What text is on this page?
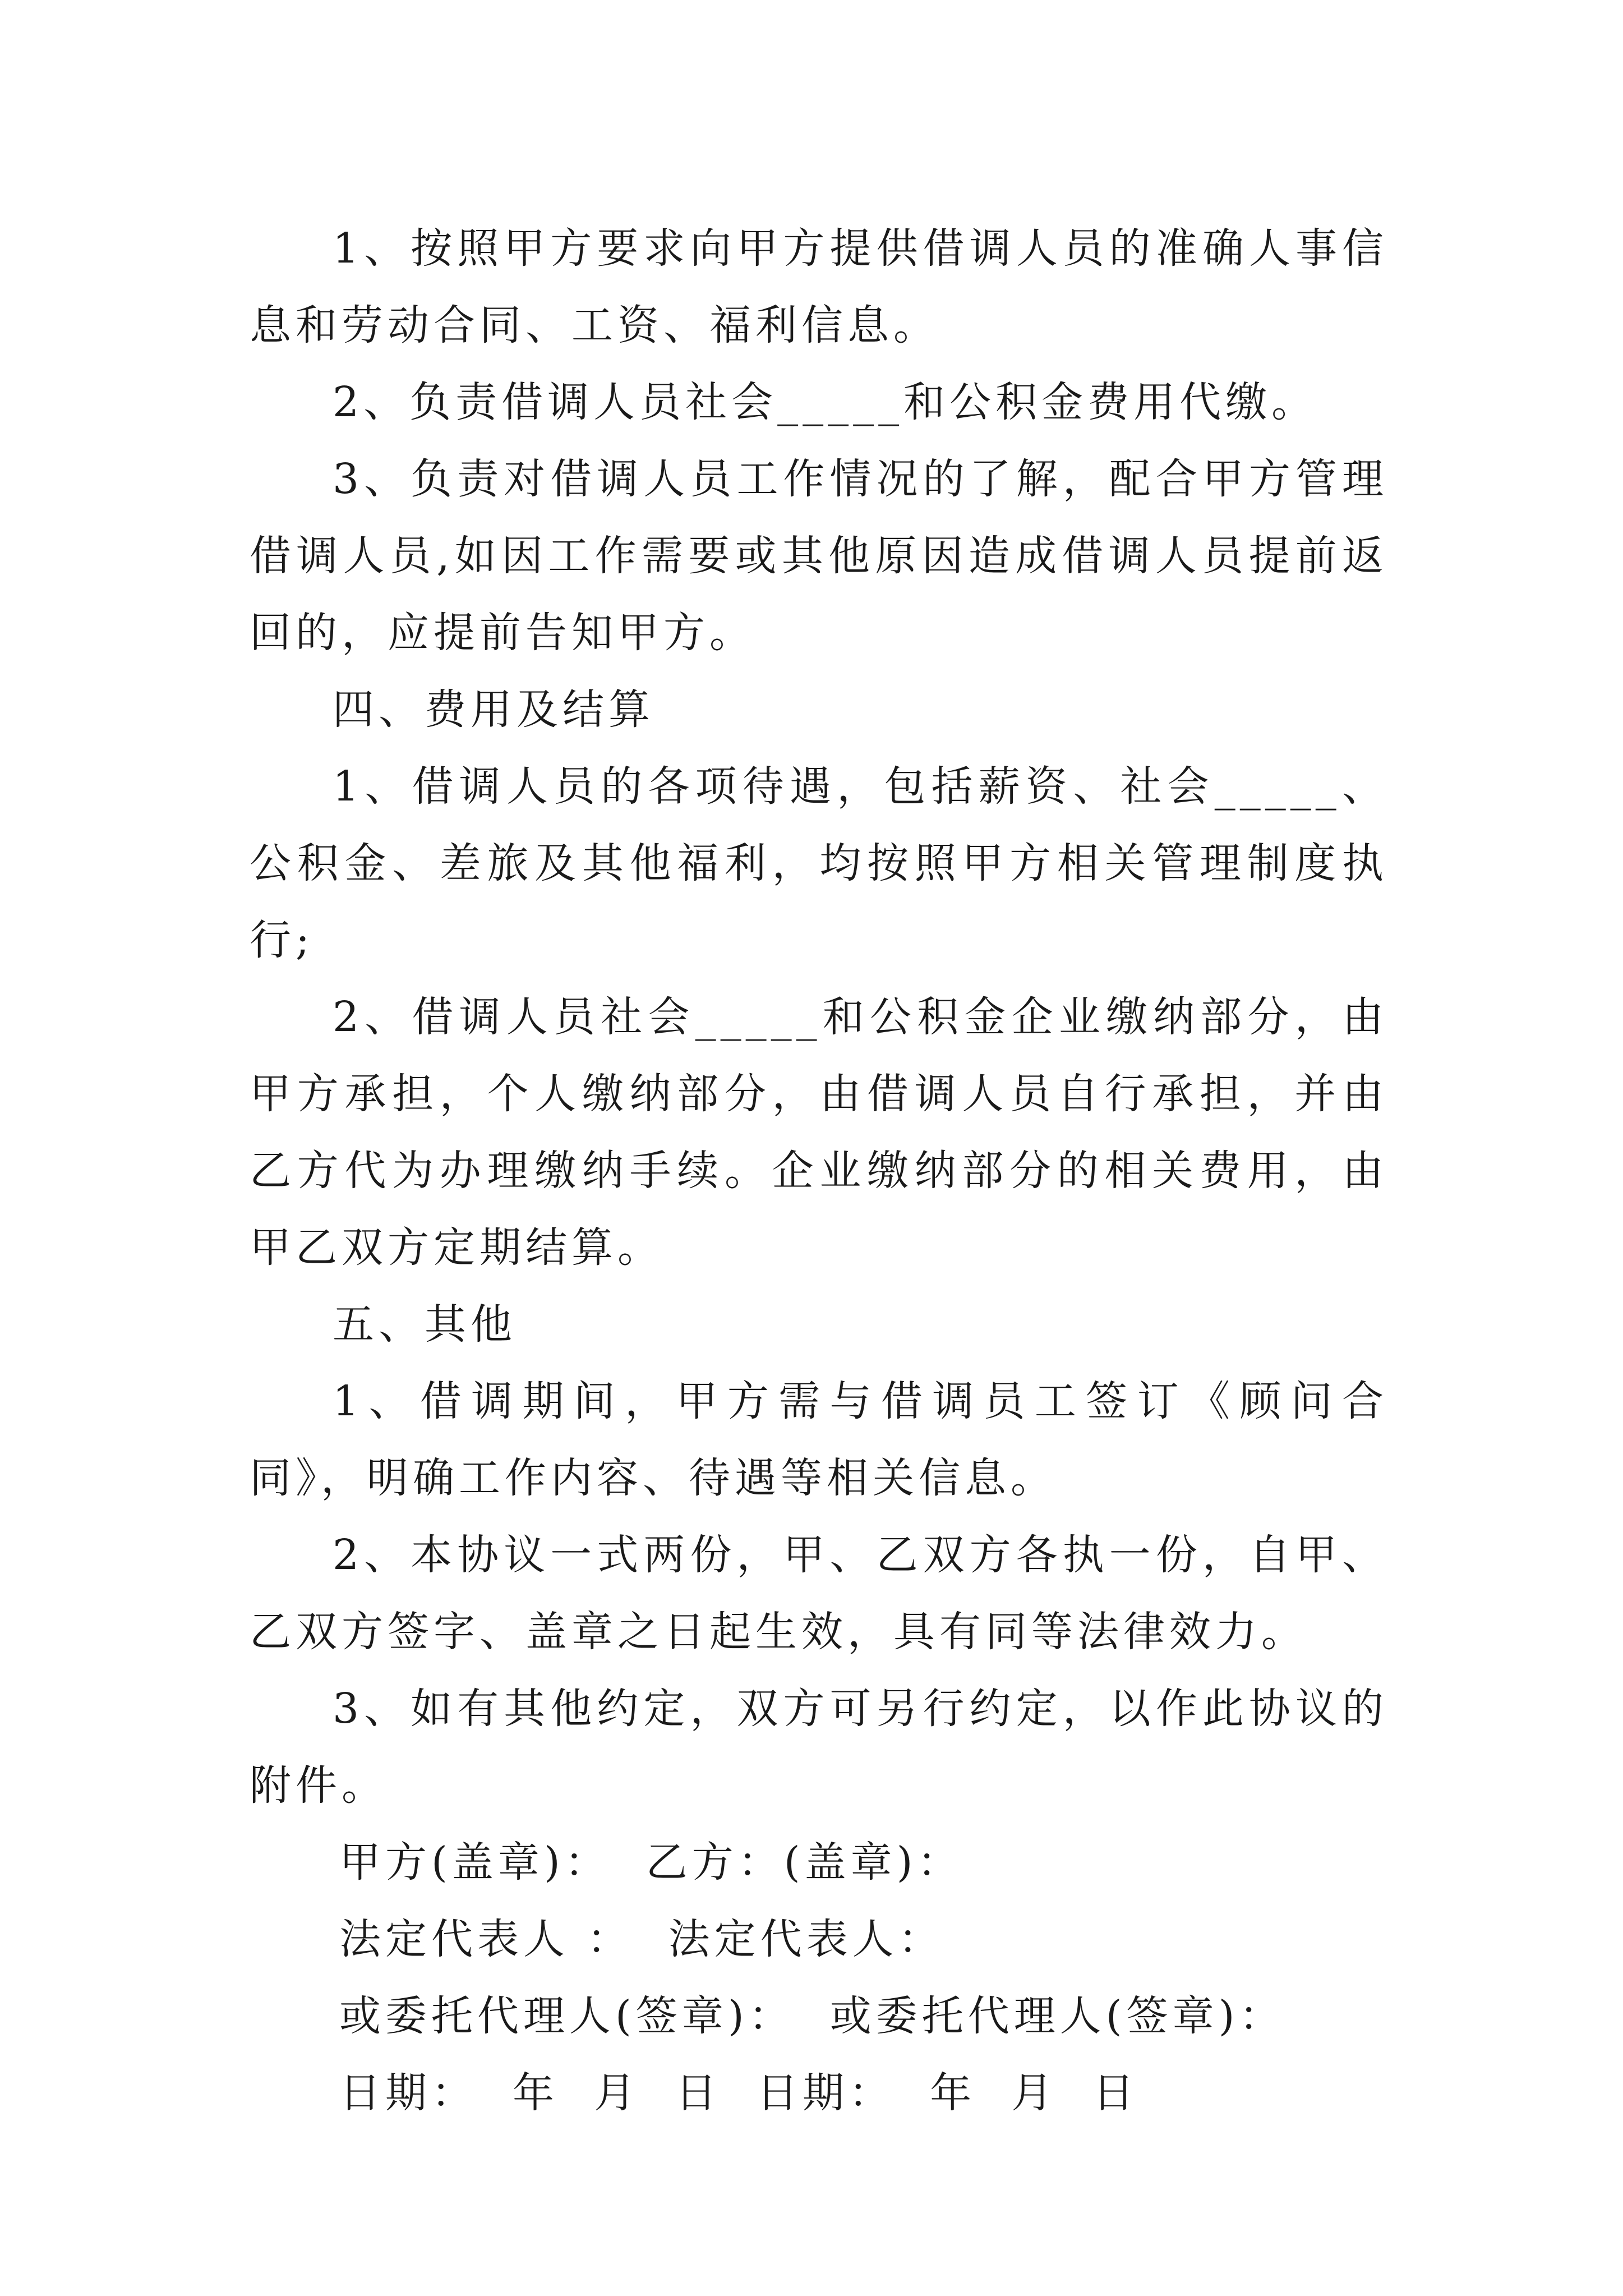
1、按照甲方要求向甲方提供借调人员的准确人事信息和劳动合同、工资、福利信息。

2、负责借调人员社会_____和公积金费用代缴。

3、负责对借调人员工作情况的了解，配合甲方管理借调人员,如因工作需要或其他原因造成借调人员提前返回的，应提前告知甲方。

四、费用及结算

1、借调人员的各项待遇，包括薪资、社会_____、公积金、差旅及其他福利，均按照甲方相关管理制度执行;

2、借调人员社会_____和公积金企业缴纳部分，由甲方承担，个人缴纳部分，由借调人员自行承担，并由乙方代为办理缴纳手续。企业缴纳部分的相关费用，由甲乙双方定期结算。

五、其他

1、借调期间，甲方需与借调员工签订《顾问合同》，明确工作内容、待遇等相关信息。

2、本协议一式两份，甲、乙双方各执一份，自甲、乙双方签字、盖章之日起生效，具有同等法律效力。

3、如有其他约定，双方可另行约定，以作此协议的附件。

甲方(盖章)：  乙方：(盖章)：

法定代表人 ：  法定代表人：

或委托代理人(签章)：  或委托代理人(签章)：

日期：  年  月  日  日期：  年  月  日
